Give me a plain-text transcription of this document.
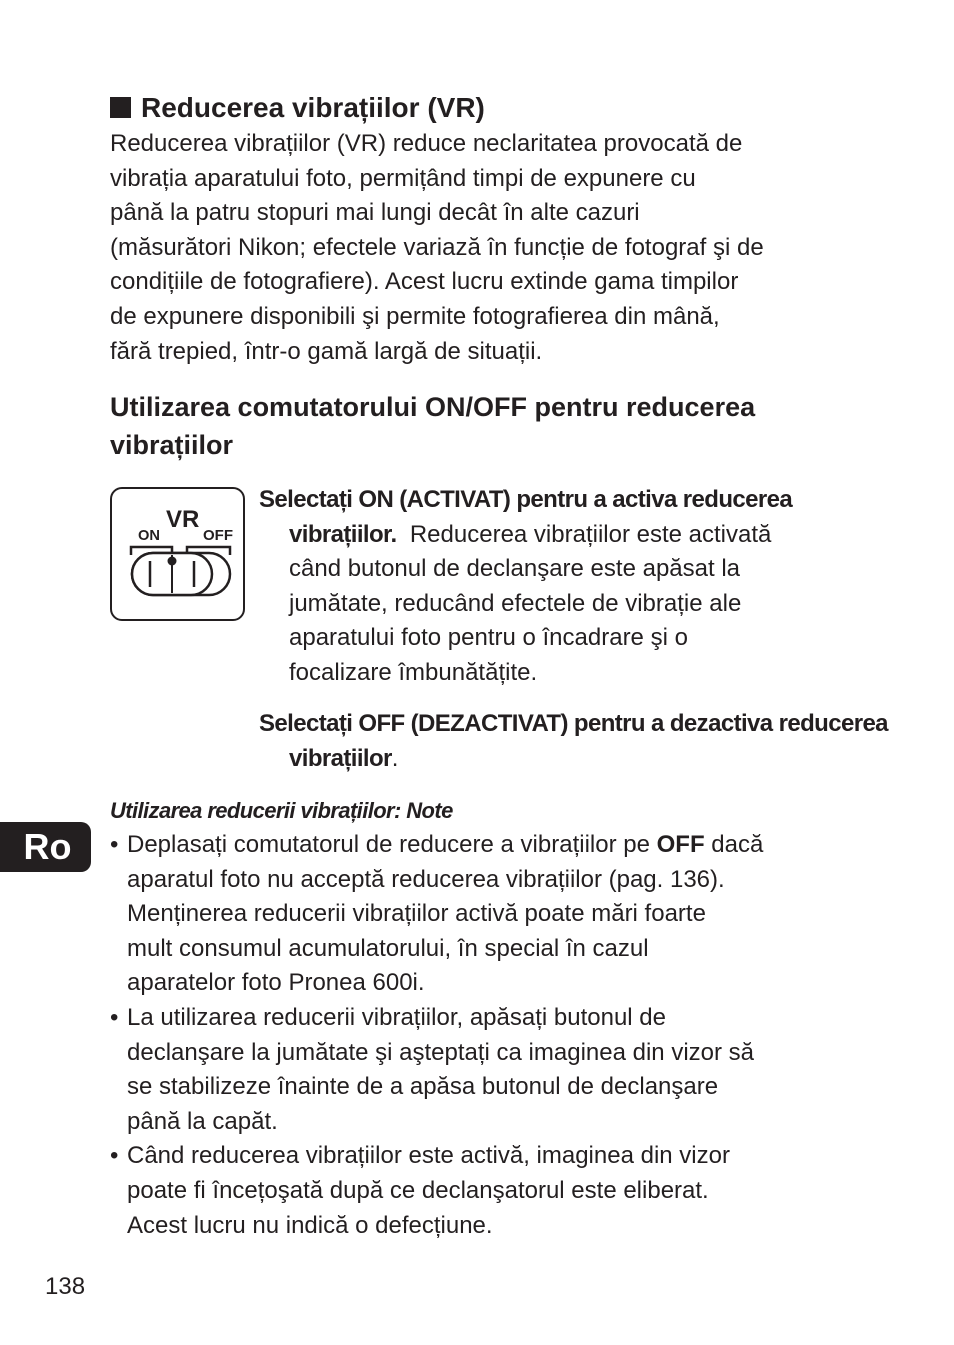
Reducerea vibrațiilor (VR)
Reducerea vibrațiilor (VR) reduce neclaritatea provocată de
vibrația aparatului foto, permițând timpi de expunere cu
până la patru stopuri mai lungi decât în alte cazuri
(măsurători Nikon; efectele variază în funcție de fotograf şi de
condițiile de fotografiere). Acest lucru extinde gama timpilor
de expunere disponibili şi permite fotografierea din mână,
fără trepied, într-o gamă largă de situații.
Utilizarea comutatorului ON/OFF pentru reducerea
vibrațiilor
VR
ON	OFF
Selectați ON (ACTIVAT) pentru a activa reducerea
vibrațiilor.  Reducerea vibrațiilor este activată
când butonul de declanşare este apăsat la
jumătate, reducând efectele de vibrație ale
aparatului foto pentru o încadrare şi o
focalizare îmbunătățite.
Selectați OFF (DEZACTIVAT) pentru a dezactiva reducerea
vibrațiilor.
Utilizarea reducerii vibrațiilor: Note
• Deplasați comutatorul de reducere a vibrațiilor pe OFF dacă
aparatul foto nu acceptă reducerea vibrațiilor (pag. 136).
Menținerea reducerii vibrațiilor activă poate mări foarte
mult consumul acumulatorului, în special în cazul
aparatelor foto Pronea 600i.
• La utilizarea reducerii vibrațiilor, apăsați butonul de
declanşare la jumătate şi aşteptați ca imaginea din vizor să
se stabilizeze înainte de a apăsa butonul de declanşare
până la capăt.
• Când reducerea vibrațiilor este activă, imaginea din vizor
poate fi încețoşată după ce declanşatorul este eliberat.
Acest lucru nu indică o defecțiune.
Ro
138
